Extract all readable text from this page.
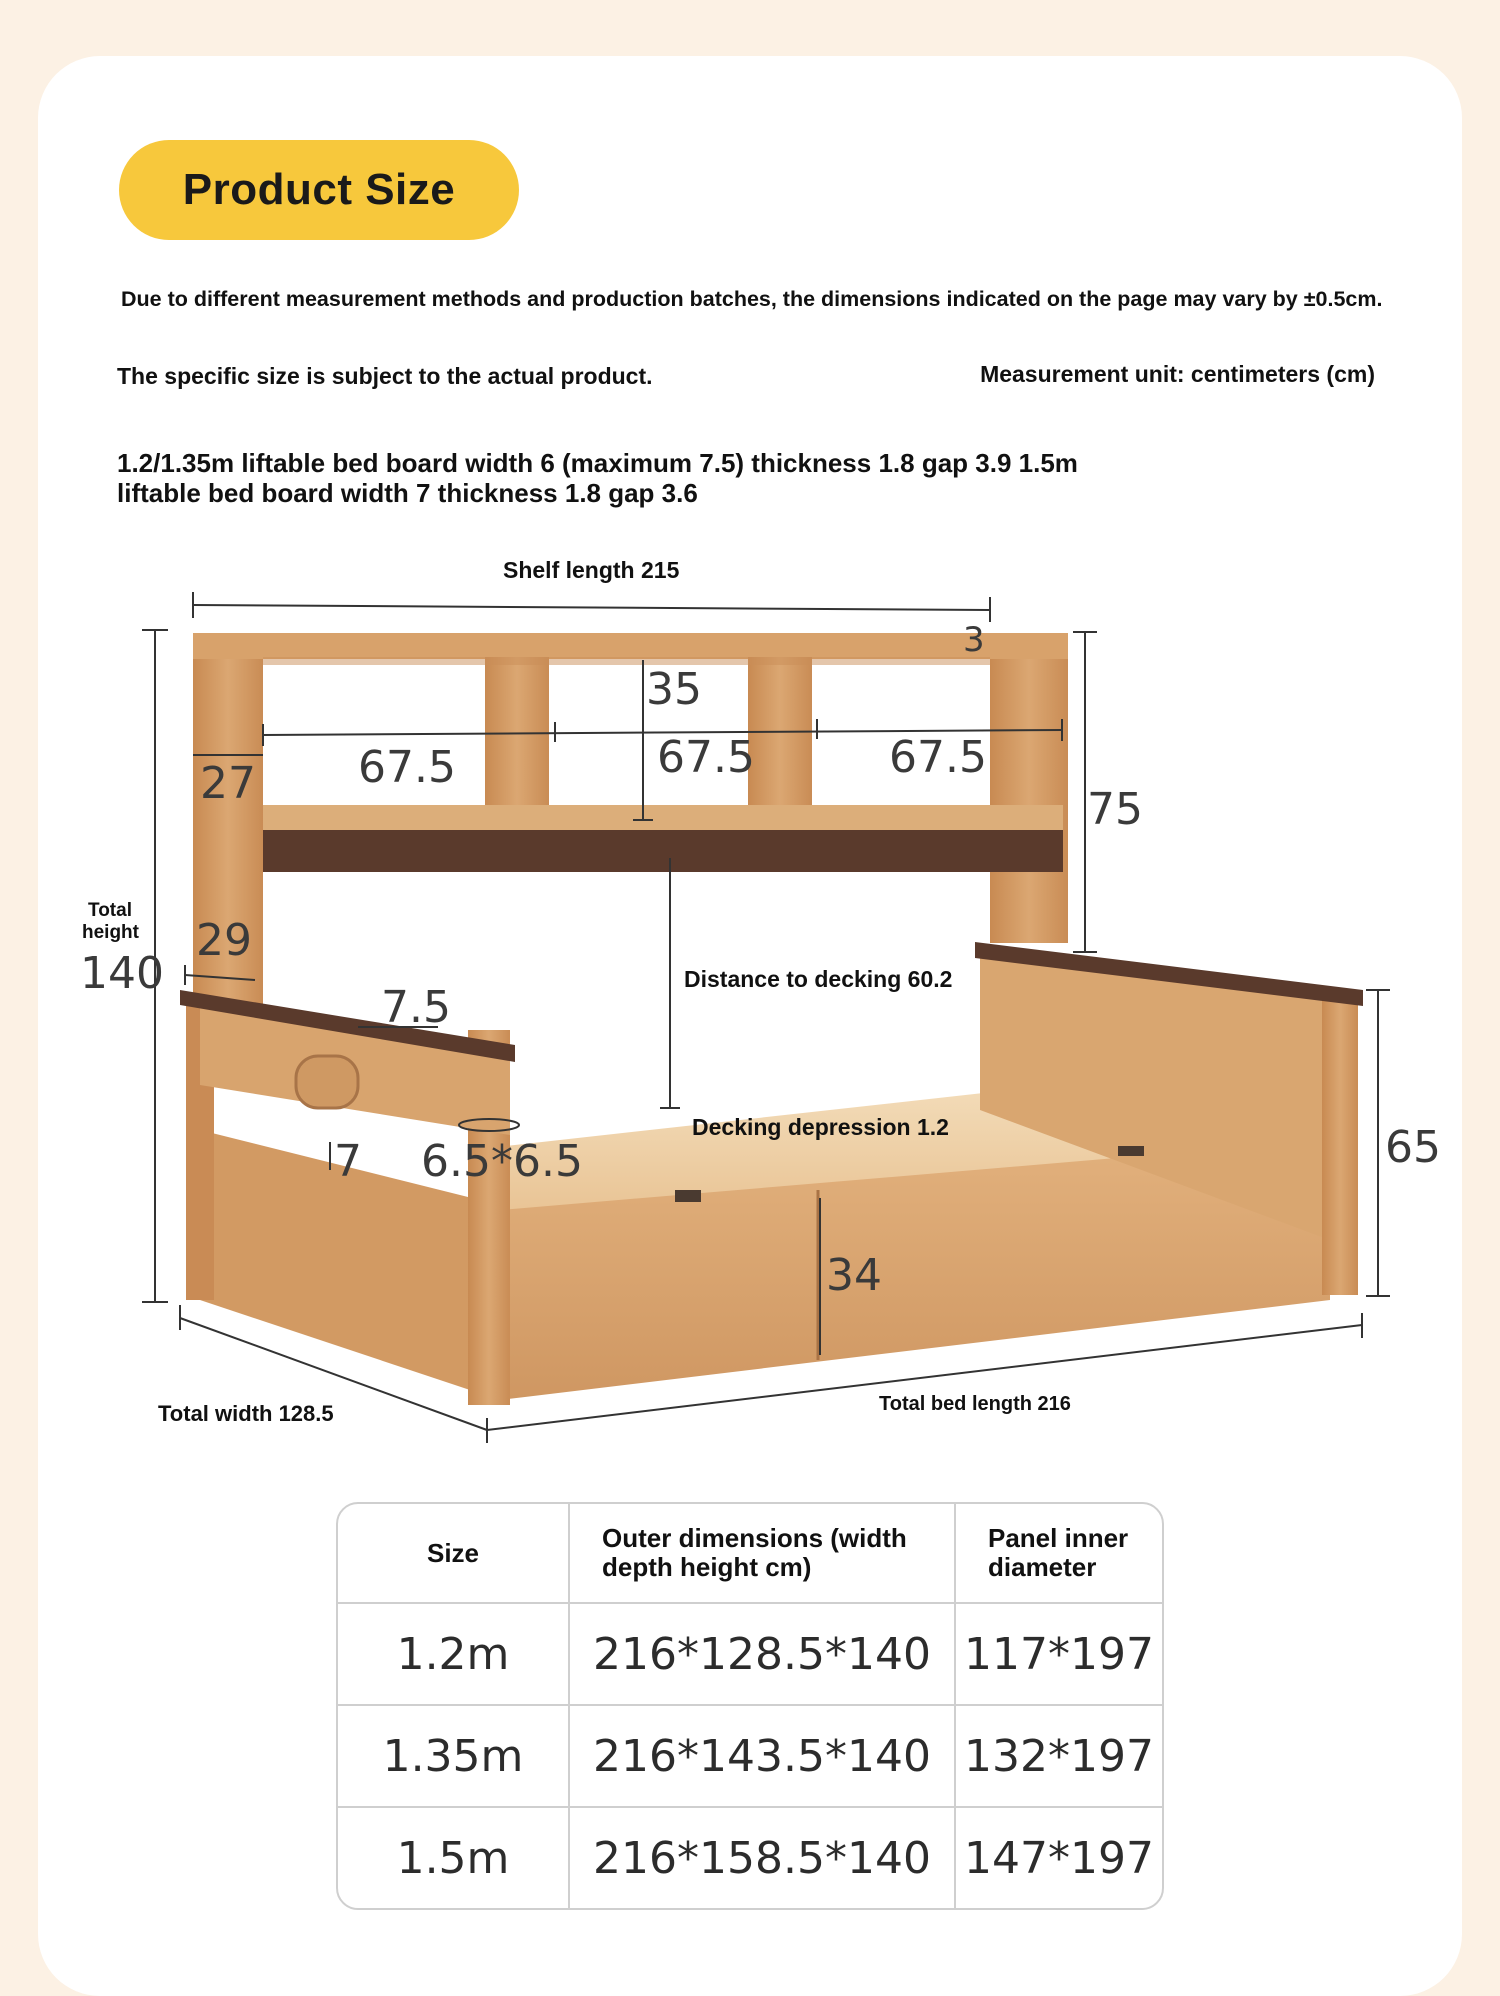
Product Size
Due to different measurement methods and production batches, the dimensions indicated on the page may vary by ±0.5cm.
The specific size is subject to the actual product.	Measurement unit: centimeters (cm)
1.2/1.35m liftable bed board width 6 (maximum 7.5) thickness 1.8 gap 3.9 1.5m liftable bed board width 7 thickness 1.8 gap 3.6
Shelf length 215
3
35
67.5	67.5	67.5
27
75
Total height
140
29
Distance to decking 60.2
7.5
Decking depression 1.2
7 6.5*6.5	65
34
Total width 128.5	Total bed length 216
Size	Outer dimensions (width depth height cm)	Panel inner diameter
1.2m	216*128.5*140	117*197
1.35m	216*143.5*140	132*197
1.5m	216*158.5*140	147*197
